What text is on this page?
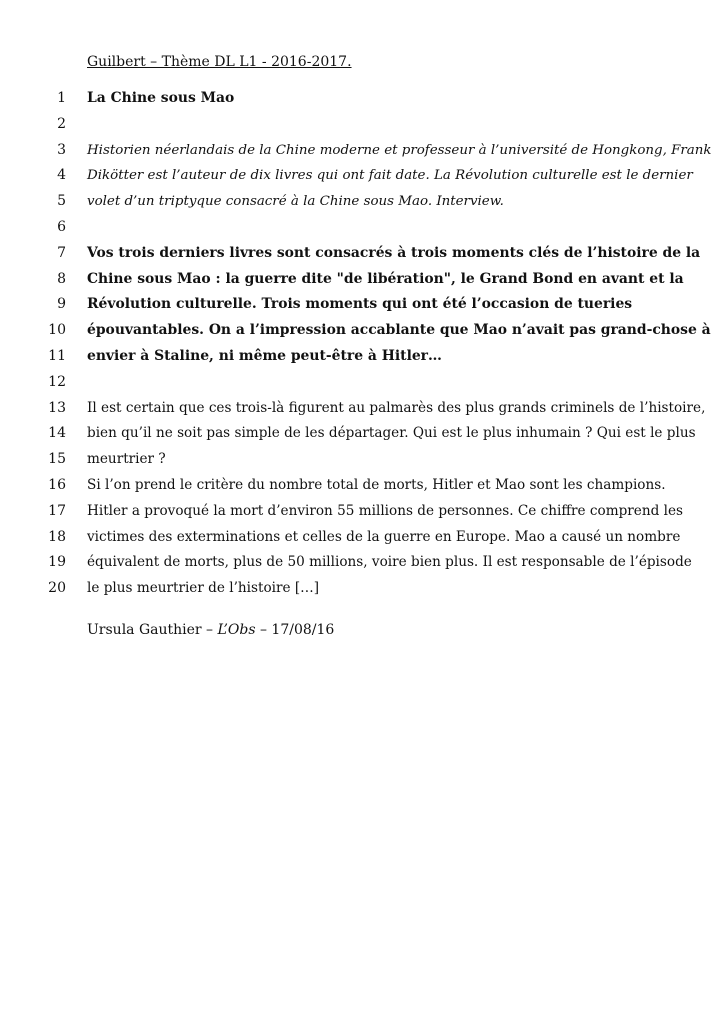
Guilbert – Thème DL L1 - 2016-2017.
1 La Chine sous Mao
2
3 Historien néerlandais de la Chine moderne et professeur à l’université de Hongkong, Frank
4 Dikötter est l’auteur de dix livres qui ont fait date. La Révolution culturelle est le dernier
5 volet d’un triptyque consacré à la Chine sous Mao. Interview.
6
7 Vos trois derniers livres sont consacrés à trois moments clés de l’histoire de la
8 Chine sous Mao : la guerre dite "de libération", le Grand Bond en avant et la
9 Révolution culturelle. Trois moments qui ont été l’occasion de tueries
10 épouvantables. On a l’impression accablante que Mao n’avait pas grand-chose à
11 envier à Staline, ni même peut-être à Hitler…
12
13 Il est certain que ces trois-là figurent au palmarès des plus grands criminels de l’histoire,
14 bien qu’il ne soit pas simple de les départager. Qui est le plus inhumain ? Qui est le plus
15 meurtrier ?
16 Si l’on prend le critère du nombre total de morts, Hitler et Mao sont les champions.
17 Hitler a provoqué la mort d’environ 55 millions de personnes. Ce chiffre comprend les
18 victimes des exterminations et celles de la guerre en Europe. Mao a causé un nombre
19 équivalent de morts, plus de 50 millions, voire bien plus. Il est responsable de l’épisode
20 le plus meurtrier de l’histoire […]
Ursula Gauthier – L’Obs – 17/08/16
